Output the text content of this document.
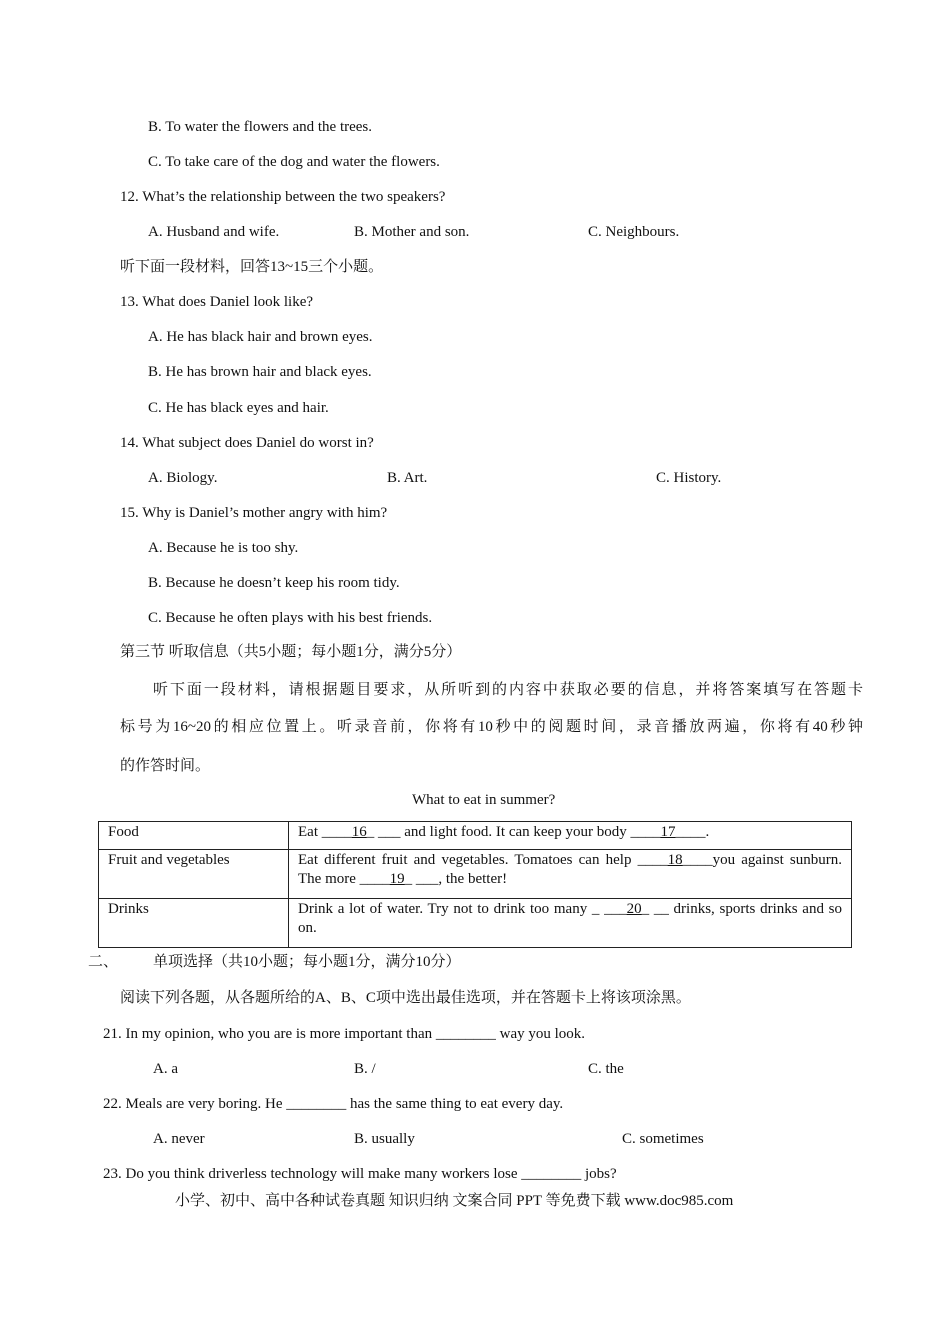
B. To water the flowers and the trees.
C. To take care of the dog and water the flowers.
12. What’s the relationship between the two speakers?
A. Husband and wife.	B. Mother and son.	C. Neighbours.
听下面一段材料，回答13~15三个小题。
13. What does Daniel look like?
A. He has black hair and brown eyes.
B. He has brown hair and black eyes.
C. He has black eyes and hair.
14. What subject does Daniel do worst in?
A. Biology.	B. Art.	C. History.
15. Why is Daniel’s mother angry with him?
A. Because he is too shy.
B. Because he doesn’t keep his room tidy.
C. Because he often plays with his best friends.
第三节 听取信息（共5小题；每小题1分，满分5分）
听下面一段材料，请根据题目要求，从所听到的内容中获取必要的信息，并将答案填写在答题卡
标号为16~20的相应位置上。听录音前，你将有10秒中的阅题时间，录音播放两遍，你将有40秒钟
的作答时间。
What to eat in summer?
Food	Eat ____16_ ___ and light food. It can keep your body ____17____.
Fruit and vegetables	Eat different fruit and vegetables. Tomatoes can help ____18____you against sunburn. The more ____19_ ___, the better!
Drinks	Drink a lot of water. Try not to drink too many _ ___20_ __ drinks, sports drinks and so on.
二、 单项选择（共10小题；每小题1分，满分10分）
阅读下列各题，从各题所给的A、B、C项中选出最佳选项，并在答题卡上将该项涂黑。
21. In my opinion, who you are is more important than ________ way you look.
A. a	B. /	C. the
22. Meals are very boring. He ________ has the same thing to eat every day.
A. never	B. usually	C. sometimes
23. Do you think driverless technology will make many workers lose ________ jobs?
小学、初中、高中各种试卷真题 知识归纳 文案合同 PPT 等免费下载 www.doc985.com
